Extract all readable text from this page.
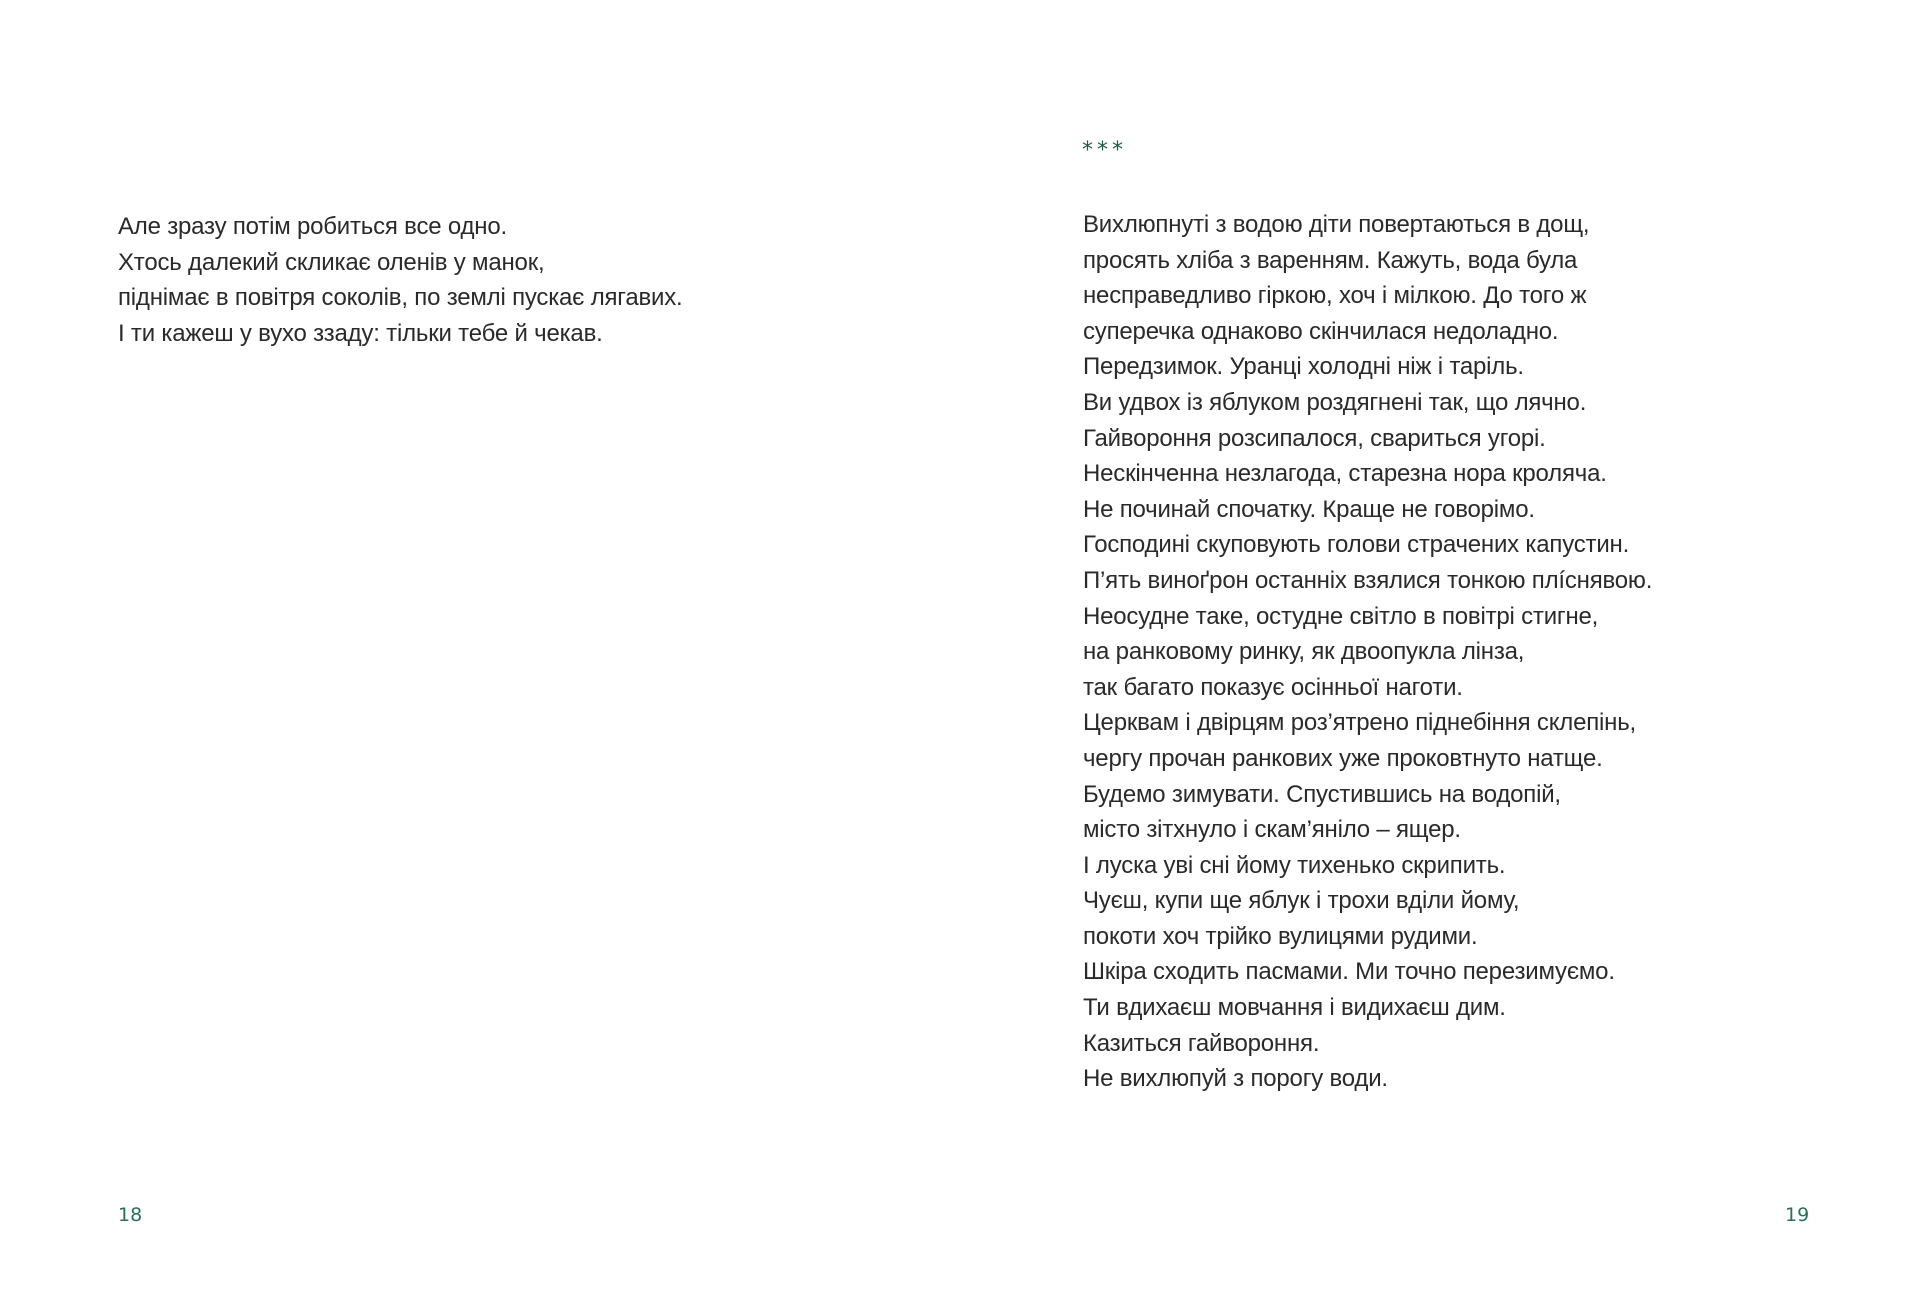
Але зразу потім робиться все одно.
Хтось далекий скликає оленів у манок,
піднімає в повітря соколів, по землі пускає лягавих.
І ти кажеш у вухо ззаду: тільки тебе й чекав.
18
***
Вихлюпнуті з водою діти повертаються в дощ,
просять хліба з варенням. Кажуть, вода була
несправедливо гіркою, хоч і мілкою. До того ж
суперечка однаково скінчилася недоладно.
Передзимок. Уранці холодні ніж і таріль.
Ви удвох із яблуком роздягнені так, що лячно.
Гайвороння розсипалося, свариться угорі.
Нескінченна незлагода, старезна нора кроляча.
Не починай спочатку. Краще не говорімо.
Господині скуповують голови страчених капустин.
П’ять виноґрон останніх взялися тонкою плíснявою.
Неосудне таке, остудне світло в повітрі стигне,
на ранковому ринку, як двоопукла лінза,
так багато показує осінньої наготи.
Церквам і двірцям роз’ятрено піднебіння склепінь,
чергу прочан ранкових уже проковтнуто натще.
Будемо зимувати. Спустившись на водопій,
місто зітхнуло і скам’яніло – ящер.
І луска уві сні йому тихенько скрипить.
Чуєш, купи ще яблук і трохи вділи йому,
покоти хоч трійко вулицями рудими.
Шкіра сходить пасмами. Ми точно перезимуємо.
Ти вдихаєш мовчання і видихаєш дим.
Казиться гайвороння.
Не вихлюпуй з порогу води.
19
